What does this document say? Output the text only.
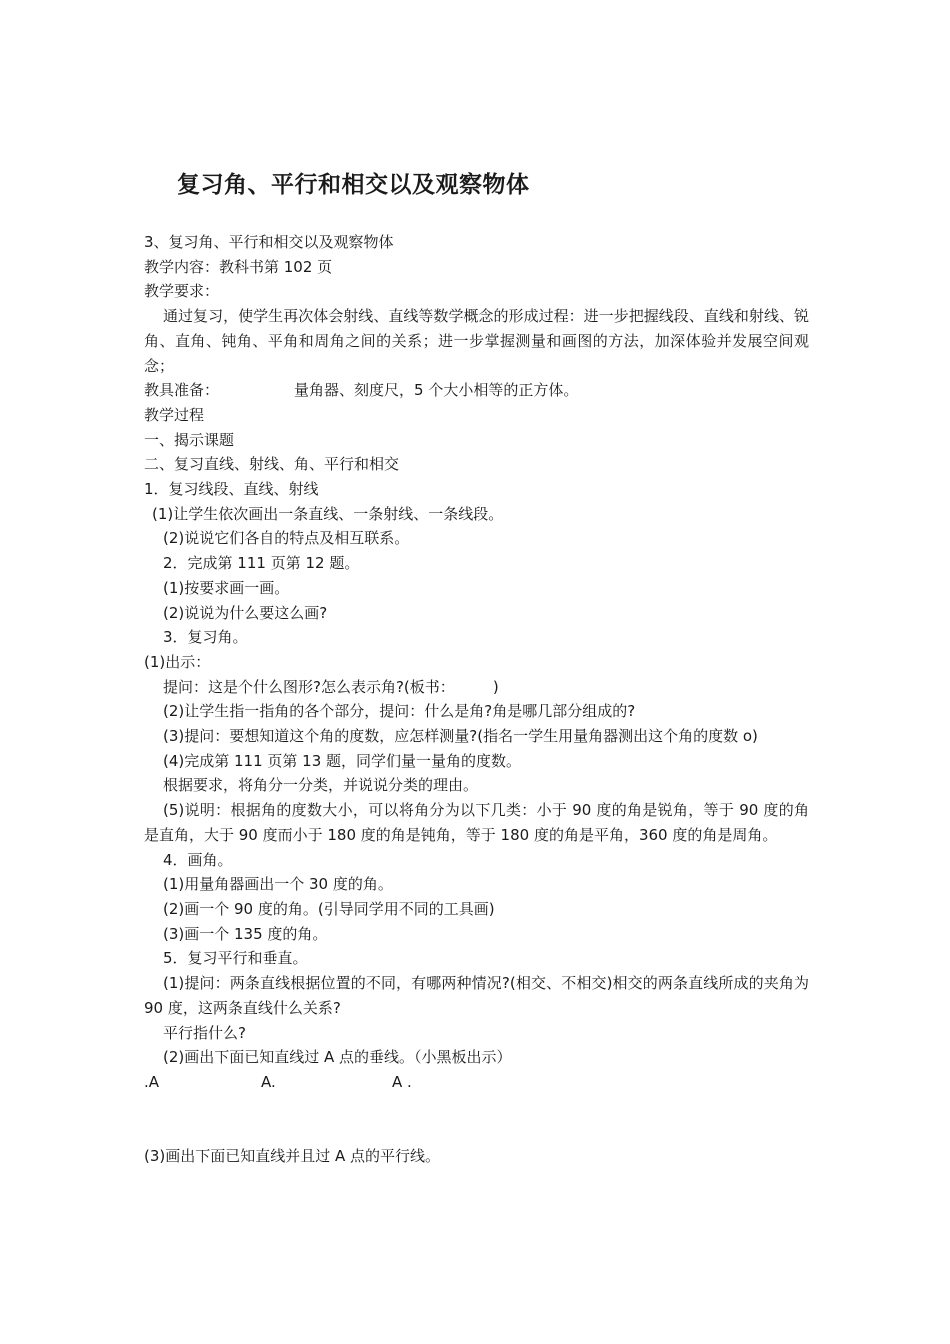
复习角、平行和相交以及观察物体
3、复习角、平行和相交以及观察物体
教学内容：教科书第 102 页
教学要求：
通过复习，使学生再次体会射线、直线等数学概念的形成过程：进一步把握线段、直线和射线、锐角、直角、钝角、平角和周角之间的关系；进一步掌握测量和画图的方法，加深体验并发展空间观念；
教具准备：	量角器、刻度尺，5 个大小相等的正方体。
教学过程
一、揭示课题
二、复习直线、射线、角、平行和相交
1．复习线段、直线、射线
(1)让学生依次画出一条直线、一条射线、一条线段。
(2)说说它们各自的特点及相互联系。
2．完成第 111 页第 12 题。
(1)按要求画一画。
(2)说说为什么要这么画?
3．复习角。
(1)出示：
提问：这是个什么图形?怎么表示角?(板书：        )
(2)让学生指一指角的各个部分，提问：什么是角?角是哪几部分组成的?
(3)提问：要想知道这个角的度数，应怎样测量?(指名一学生用量角器测出这个角的度数 o)
(4)完成第 111 页第 13 题，同学们量一量角的度数。
根据要求，将角分一分类，并说说分类的理由。
(5)说明：根据角的度数大小，可以将角分为以下几类：小于 90 度的角是锐角，等于 90 度的角是直角，大于 90 度而小于 180 度的角是钝角，等于 180 度的角是平角，360 度的角是周角。
4．画角。
(1)用量角器画出一个 30 度的角。
(2)画一个 90 度的角。(引导同学用不同的工具画)
(3)画一个 135 度的角。
5．复习平行和垂直。
(1)提问：两条直线根据位置的不同，有哪两种情况?(相交、不相交)相交的两条直线所成的夹角为 90 度，这两条直线什么关系?
平行指什么?
(2)画出下面已知直线过 A 点的垂线。（小黑板出示）
.A	A.	A .
(3)画出下面已知直线并且过 A 点的平行线。
